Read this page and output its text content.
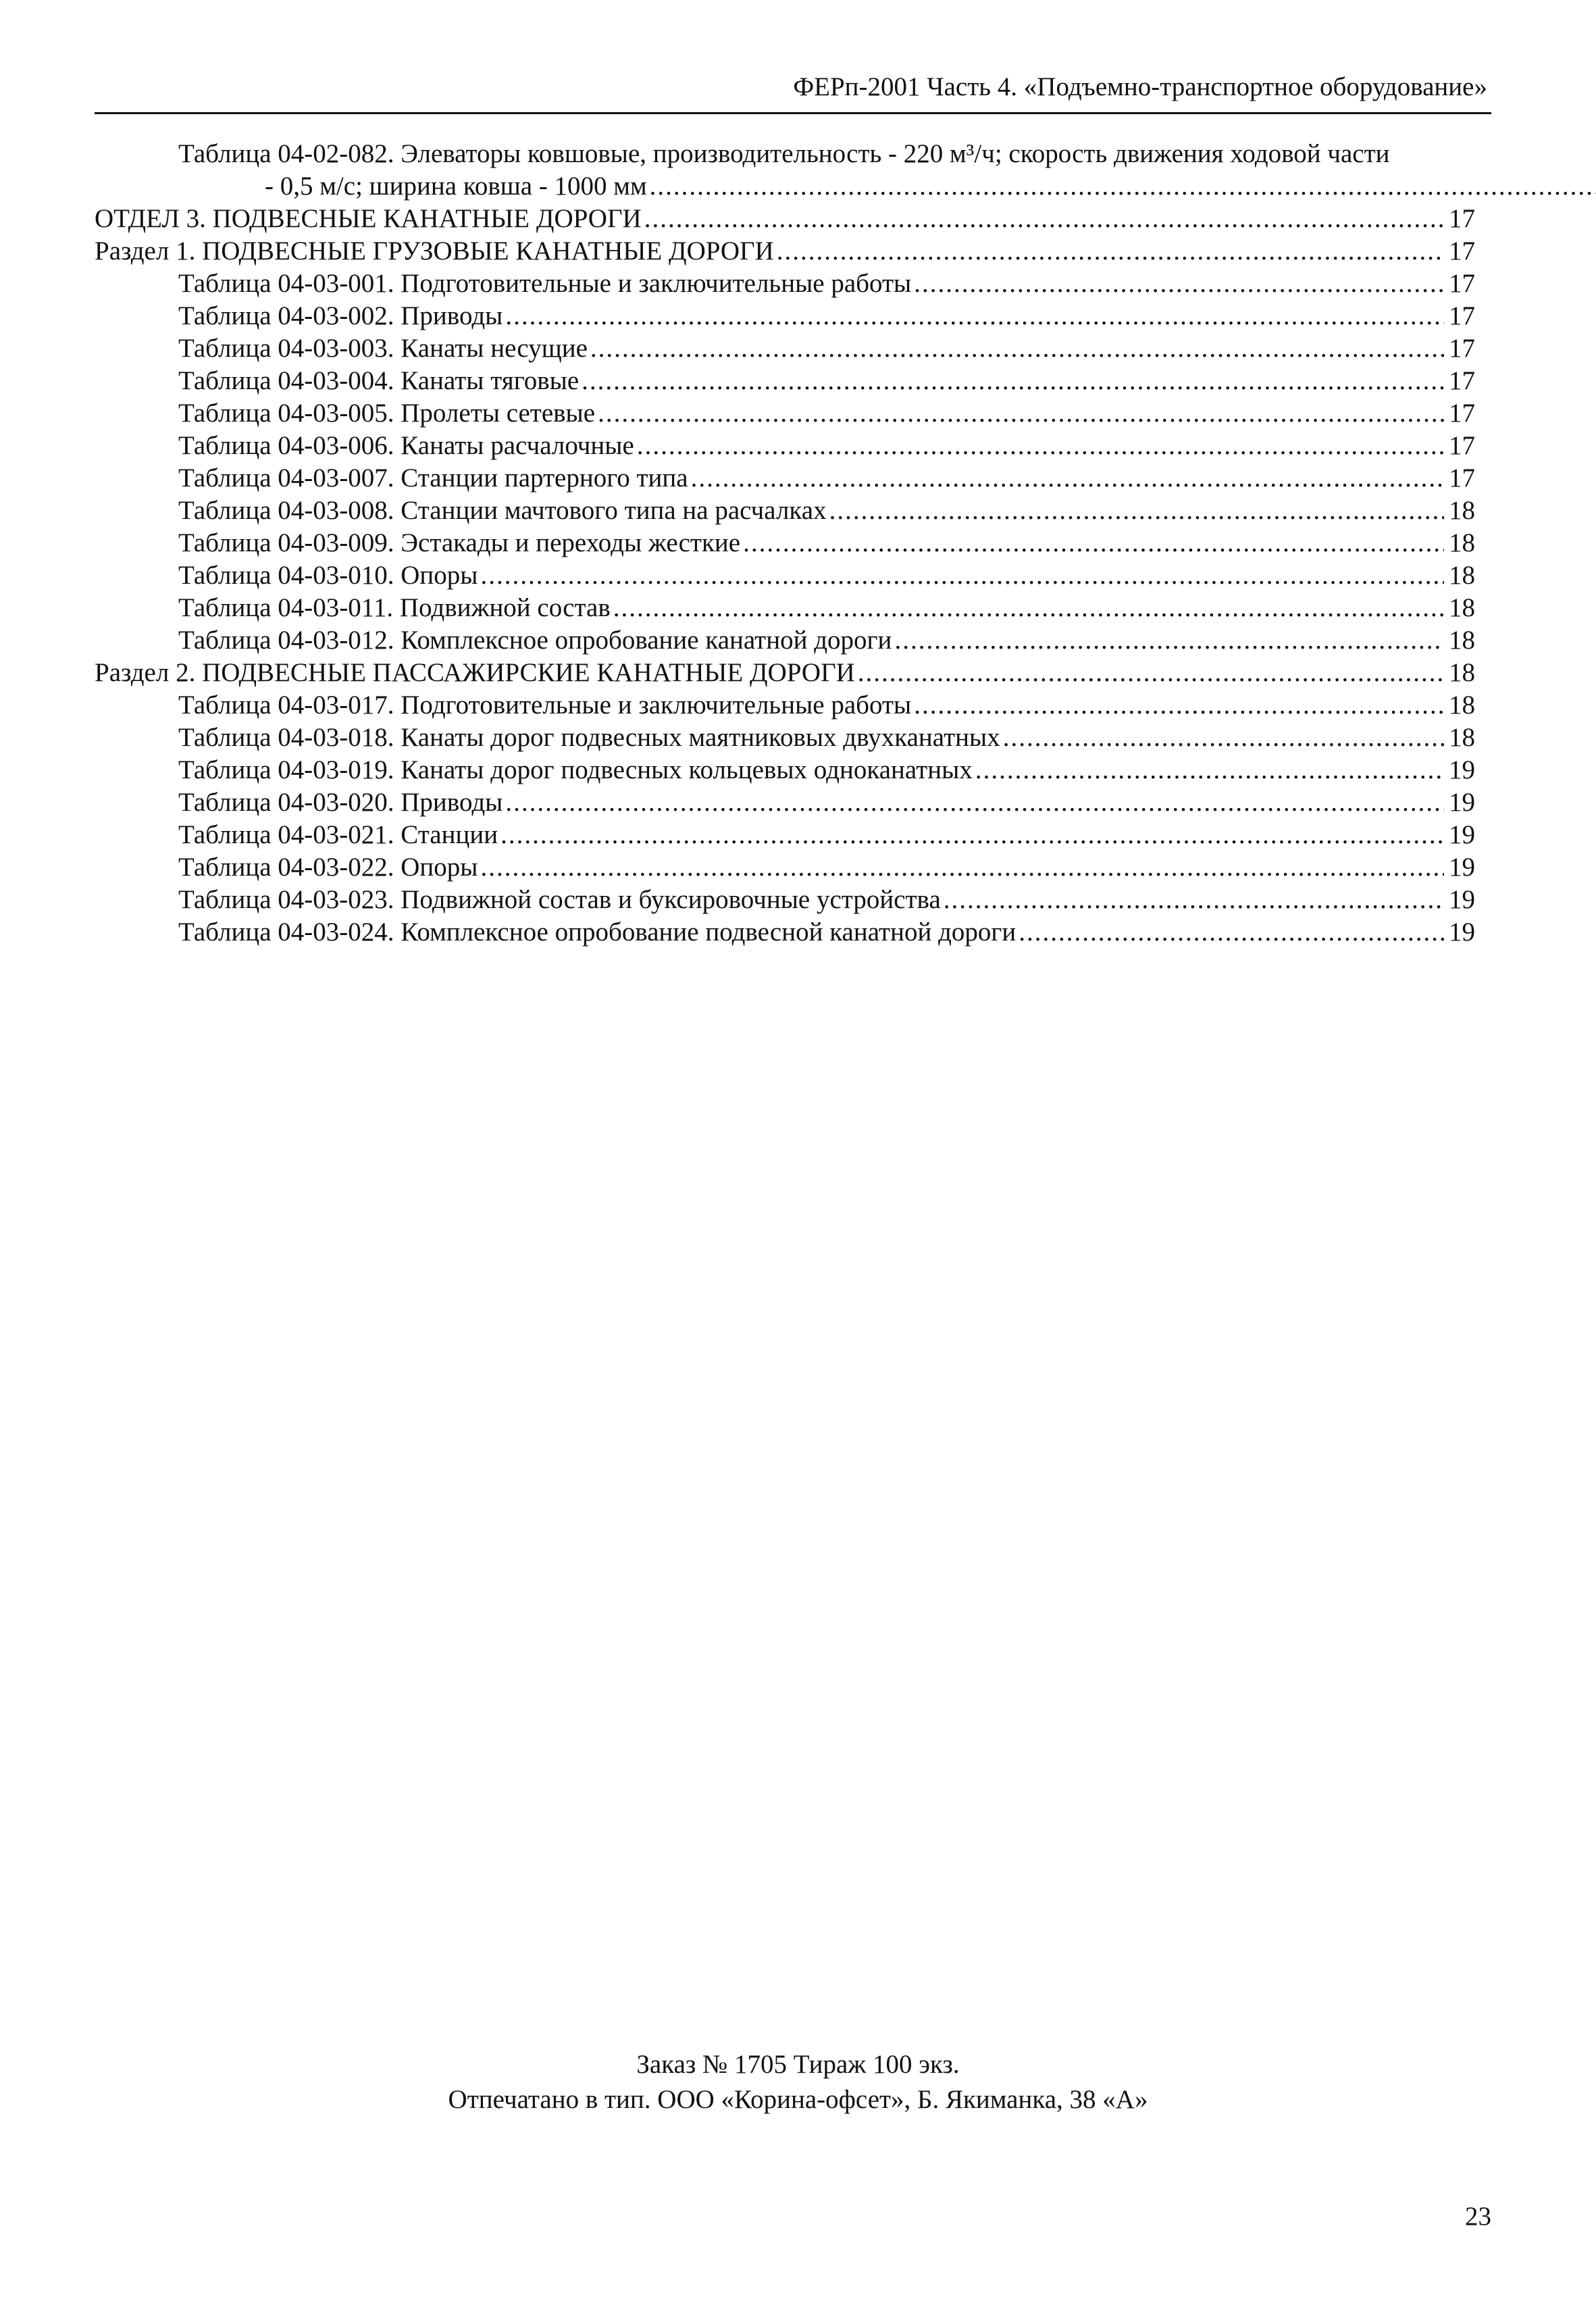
ФЕРп-2001 Часть 4. «Подъемно-транспортное оборудование»
Таблица 04-02-082. Элеваторы ковшовые, производительность - 220 м³/ч; скорость движения ходовой части
- 0,5 м/с; ширина ковша - 1000 мм
.....
ОТДЕЛ 3. ПОДВЕСНЫЕ КАНАТНЫЕ ДОРОГИ .....	17
Раздел 1. ПОДВЕСНЫЕ ГРУЗОВЫЕ КАНАТНЫЕ ДОРОГИ .....	17
Таблица 04-03-001. Подготовительные и заключительные работы .....	17
Таблица 04-03-002. Приводы .....	17
Таблица 04-03-003. Канаты несущие .....	17
Таблица 04-03-004. Канаты тяговые .....	17
Таблица 04-03-005. Пролеты сетевые .....	17
Таблица 04-03-006. Канаты расчалочные .....	17
Таблица 04-03-007. Станции партерного типа .....	17
Таблица 04-03-008. Станции мачтового типа на расчалках .....	18
Таблица 04-03-009. Эстакады и переходы жесткие .....	18
Таблица 04-03-010. Опоры .....	18
Таблица 04-03-011. Подвижной состав .....	18
Таблица 04-03-012. Комплексное опробование канатной дороги .....	18
Раздел 2. ПОДВЕСНЫЕ ПАССАЖИРСКИЕ КАНАТНЫЕ ДОРОГИ .....	18
Таблица 04-03-017. Подготовительные и заключительные работы .....	18
Таблица 04-03-018. Канаты дорог подвесных маятниковых двухканатных .....	18
Таблица 04-03-019. Канаты дорог подвесных кольцевых одноканатных .....	19
Таблица 04-03-020. Приводы .....	19
Таблица 04-03-021. Станции .....	19
Таблица 04-03-022. Опоры .....	19
Таблица 04-03-023. Подвижной состав и буксировочные устройства .....	19
Таблица 04-03-024. Комплексное опробование подвесной канатной дороги .....	19
Заказ № 1705 Тираж 100 экз.
Отпечатано в тип. ООО «Корина-офсет», Б. Якиманка, 38 «А»
23
